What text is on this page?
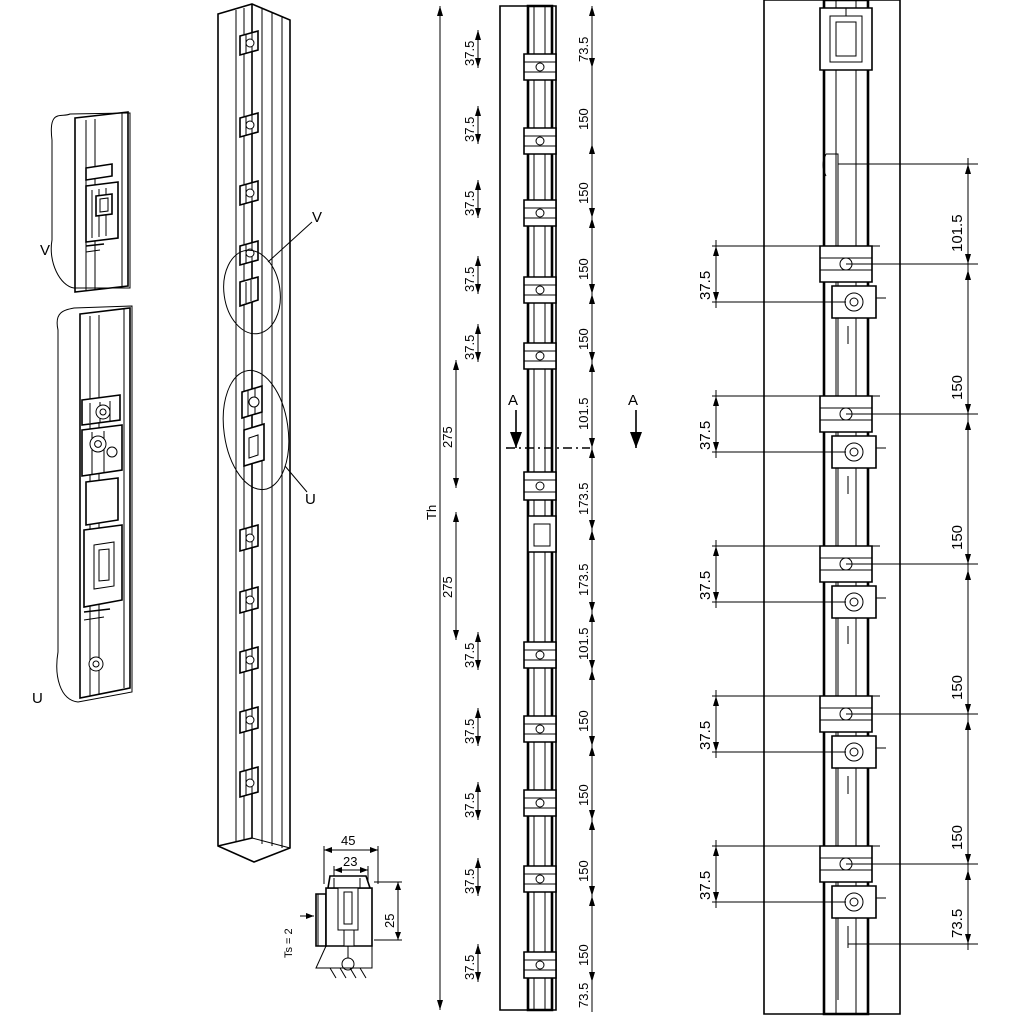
V
U
V
U
45
23
Ts = 2
25
Th
A	A
37.5
37.5
37.5
37.5
37.5
275
275
37.5
37.5
37.5
37.5
37.5
73.5
150
150
150
150
101.5
173.5
173.5
101.5
150
150
150
150
73.5
37.5
37.5
37.5
37.5
37.5
101.5
150
150
150
150
73.5
